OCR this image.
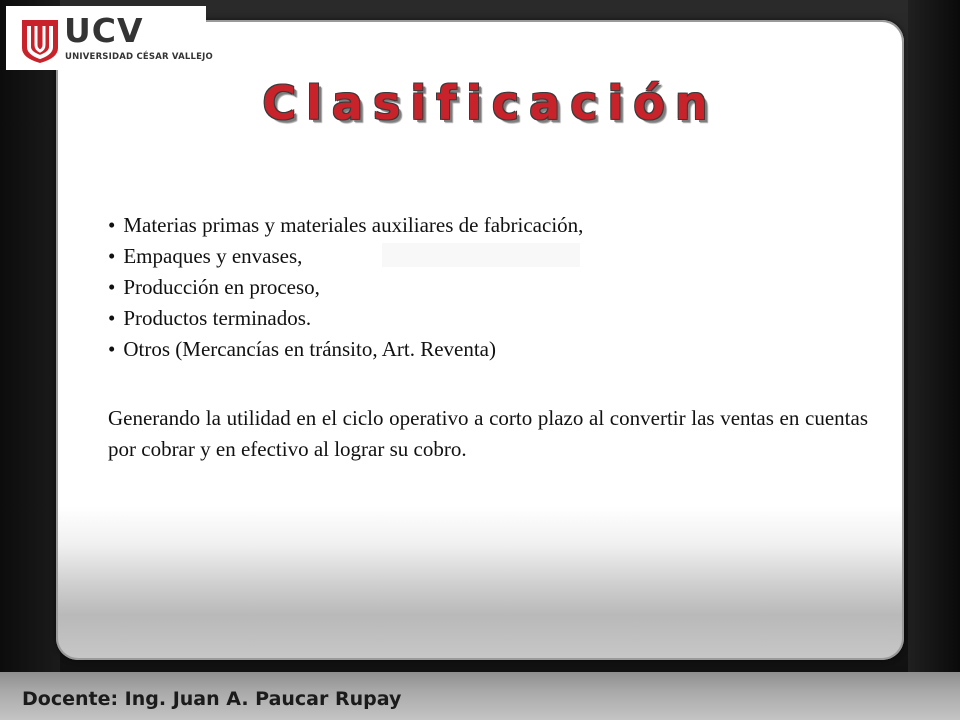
UCV
UNIVERSIDAD CÉSAR VALLEJO
Clasificación
• Materias primas y materiales auxiliares de fabricación,
• Empaques y envases,
• Producción en proceso,
• Productos terminados.
• Otros (Mercancías en tránsito, Art. Reventa)
Generando la utilidad en el ciclo operativo a corto plazo al convertir las ventas en cuentas por cobrar y en efectivo al lograr su cobro.
Docente: Ing. Juan A. Paucar Rupay
